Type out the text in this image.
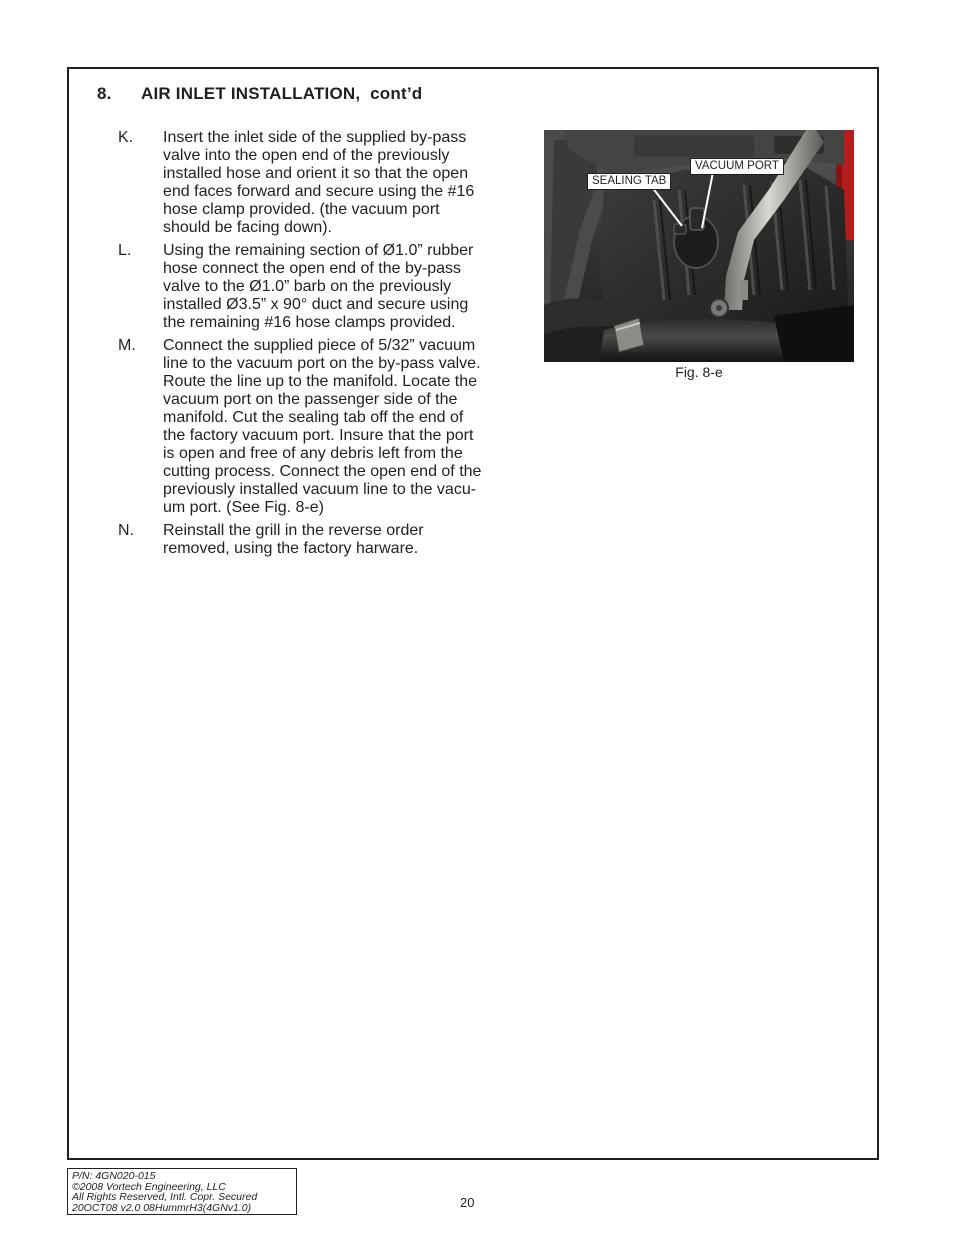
8. AIR INLET INSTALLATION, cont’d
K.	Insert the inlet side of the supplied by-pass
valve into the open end of the previously
installed hose and orient it so that the open
end faces forward and secure using the #16
hose clamp provided. (the vacuum port
should be facing down).
L.	Using the remaining section of Ø1.0” rubber
hose connect the open end of the by-pass
valve to the Ø1.0” barb on the previously
installed Ø3.5” x 90° duct and secure using
the remaining #16 hose clamps provided.
M.	Connect the supplied piece of 5/32” vacuum
line to the vacuum port on the by-pass valve.
Route the line up to the manifold. Locate the
vacuum port on the passenger side of the
manifold. Cut the sealing tab off the end of
the factory vacuum port. Insure that the port
is open and free of any debris left from the
cutting process. Connect the open end of the
previously installed vacuum line to the vacu-
um port. (See Fig. 8-e)
N.	Reinstall the grill in the reverse order
removed, using the factory harware.
VACUUM PORT
SEALING TAB
Fig. 8-e
P/N: 4GN020-015
©2008 Vortech Engineering, LLC
All Rights Reserved, Intl. Copr. Secured
20OCT08 v2.0 08HummrH3(4GNv1.0)	20
